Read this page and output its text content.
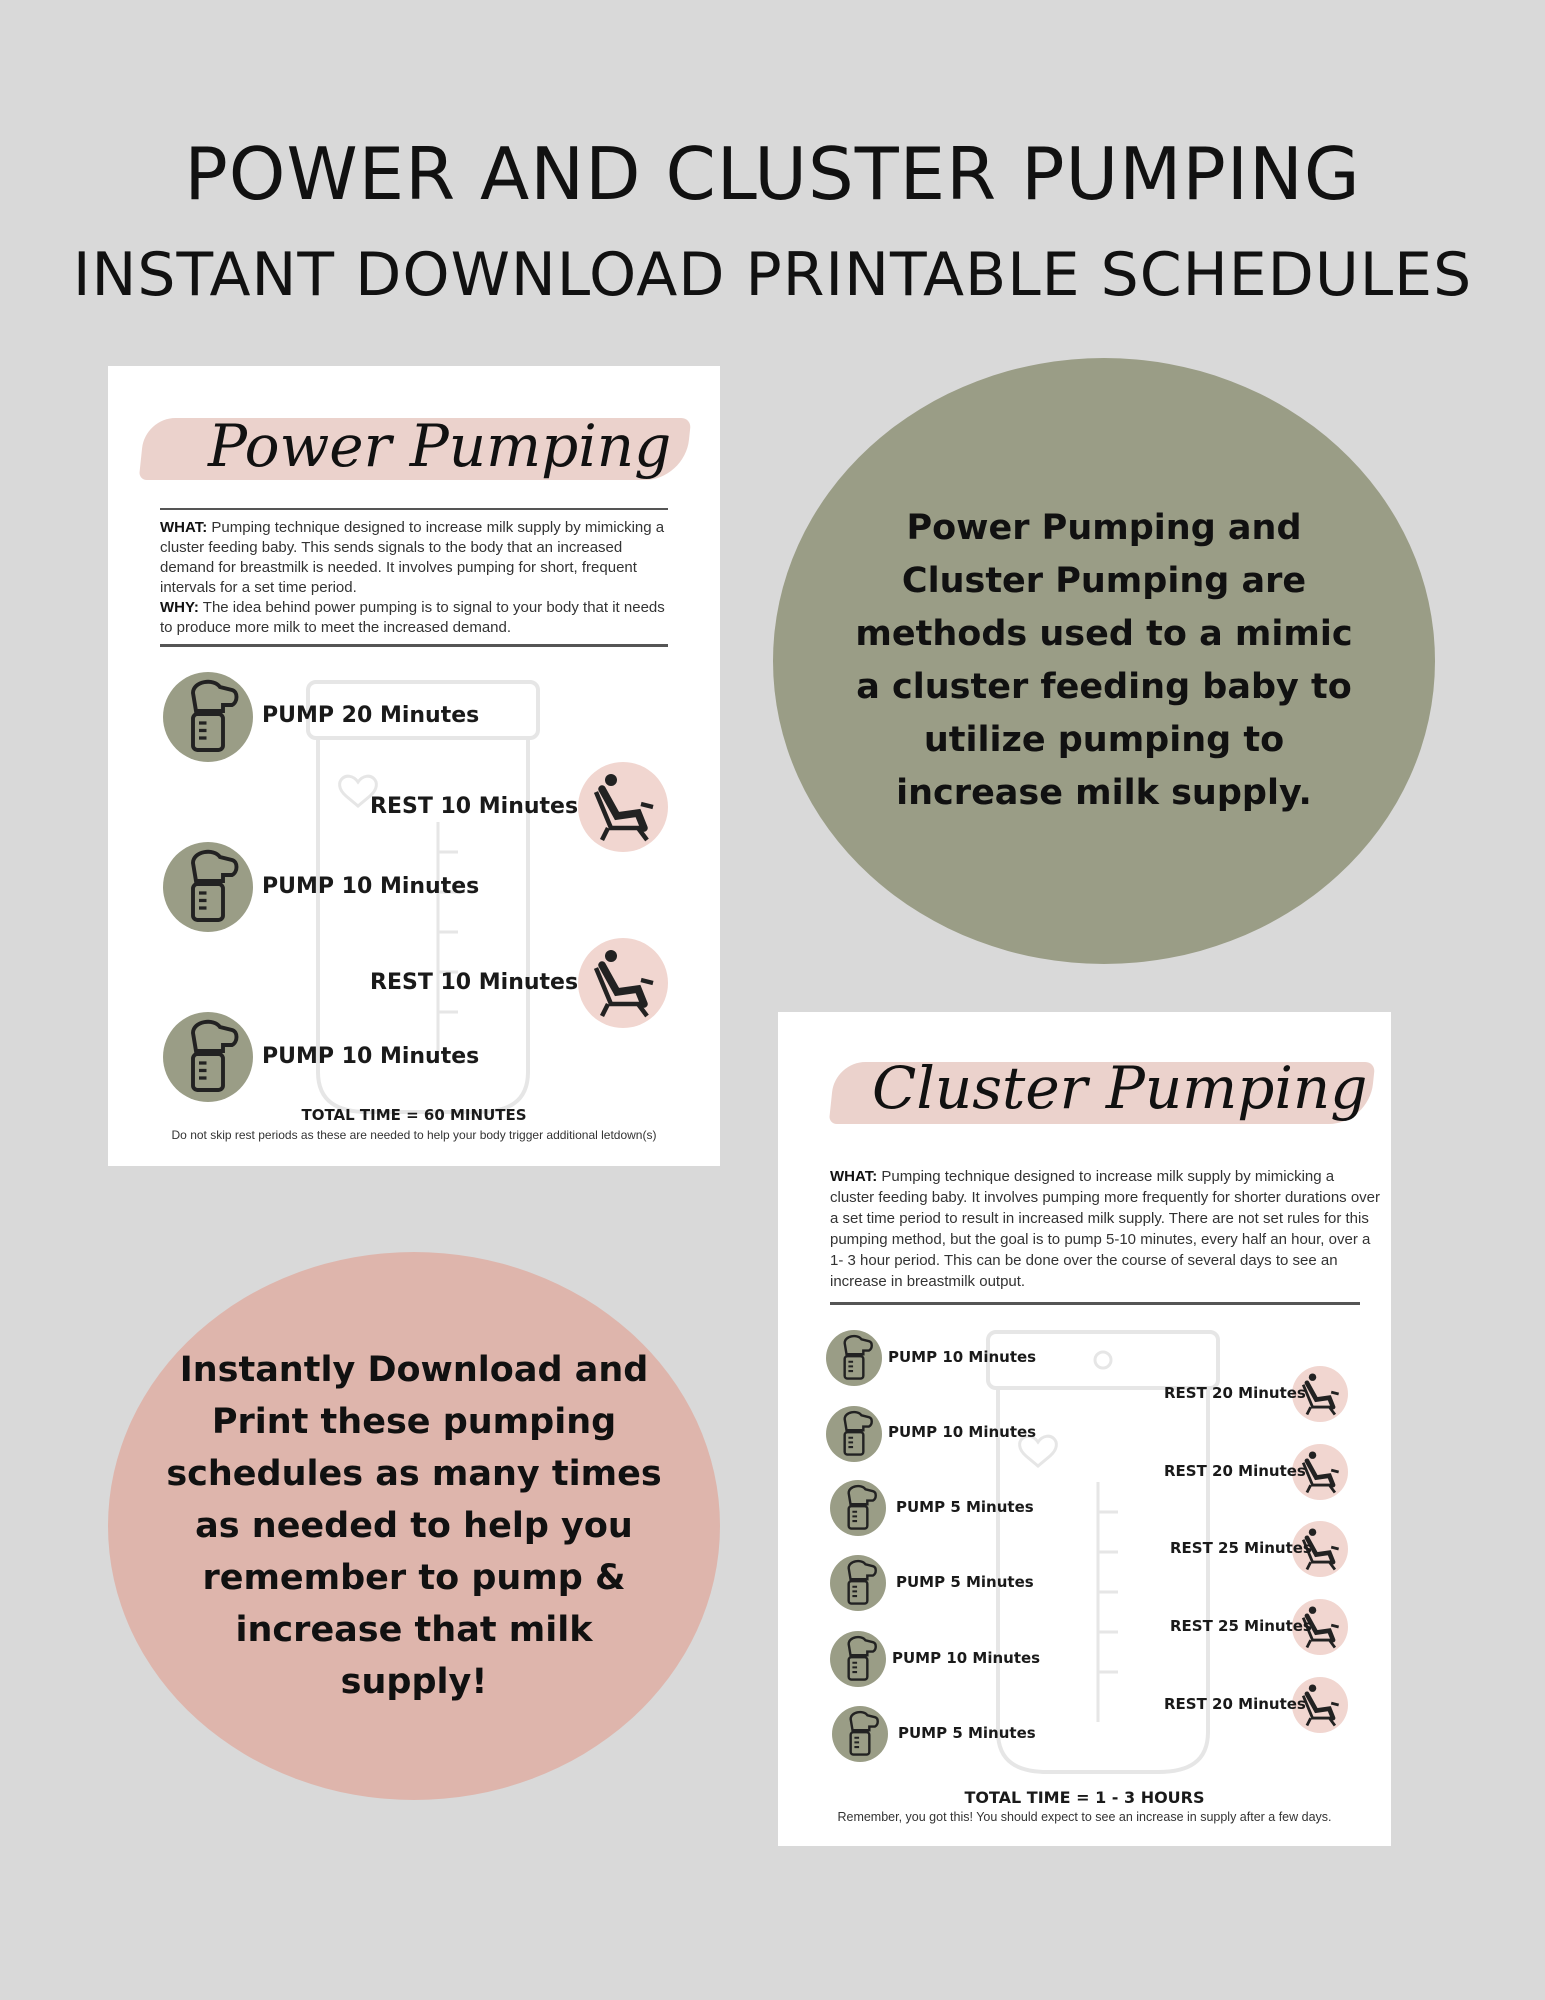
POWER AND CLUSTER PUMPING
INSTANT DOWNLOAD PRINTABLE SCHEDULES
Power Pumping
WHAT: Pumping technique designed to increase milk supply by mimicking a cluster feeding baby. This sends signals to the body that an increased demand for breastmilk is needed. It involves pumping for short, frequent intervals for a set time period.
WHY: The idea behind power pumping is to signal to your body that it needs to produce more milk to meet the increased demand.
PUMP 20 Minutes
REST 10 Minutes
PUMP 10 Minutes
REST 10 Minutes
PUMP 10 Minutes
TOTAL TIME = 60 MINUTES
Do not skip rest periods as these are needed to help your body trigger additional letdown(s)
Power Pumping and Cluster Pumping are methods used to a mimic a cluster feeding baby to utilize pumping to increase milk supply.
Instantly Download and Print these pumping schedules as many times as needed to help you remember to pump & increase that milk supply!
Cluster Pumping
WHAT: Pumping technique designed to increase milk supply by mimicking a cluster feeding baby. It involves pumping more frequently for shorter durations over a set time period to result in increased milk supply. There are not set rules for this pumping method, but the goal is to pump 5-10 minutes, every half an hour, over a 1- 3 hour period. This can be done over the course of several days to see an increase in breastmilk output.
PUMP 10 Minutes
PUMP 10 Minutes
PUMP 5 Minutes
PUMP 5 Minutes
PUMP 10 Minutes
PUMP 5 Minutes
REST 20 Minutes
REST 20 Minutes
REST 25 Minutes
REST 25 Minutes
REST 20 Minutes
TOTAL TIME = 1 - 3 HOURS
Remember, you got this! You should expect to see an increase in supply after a few days.
